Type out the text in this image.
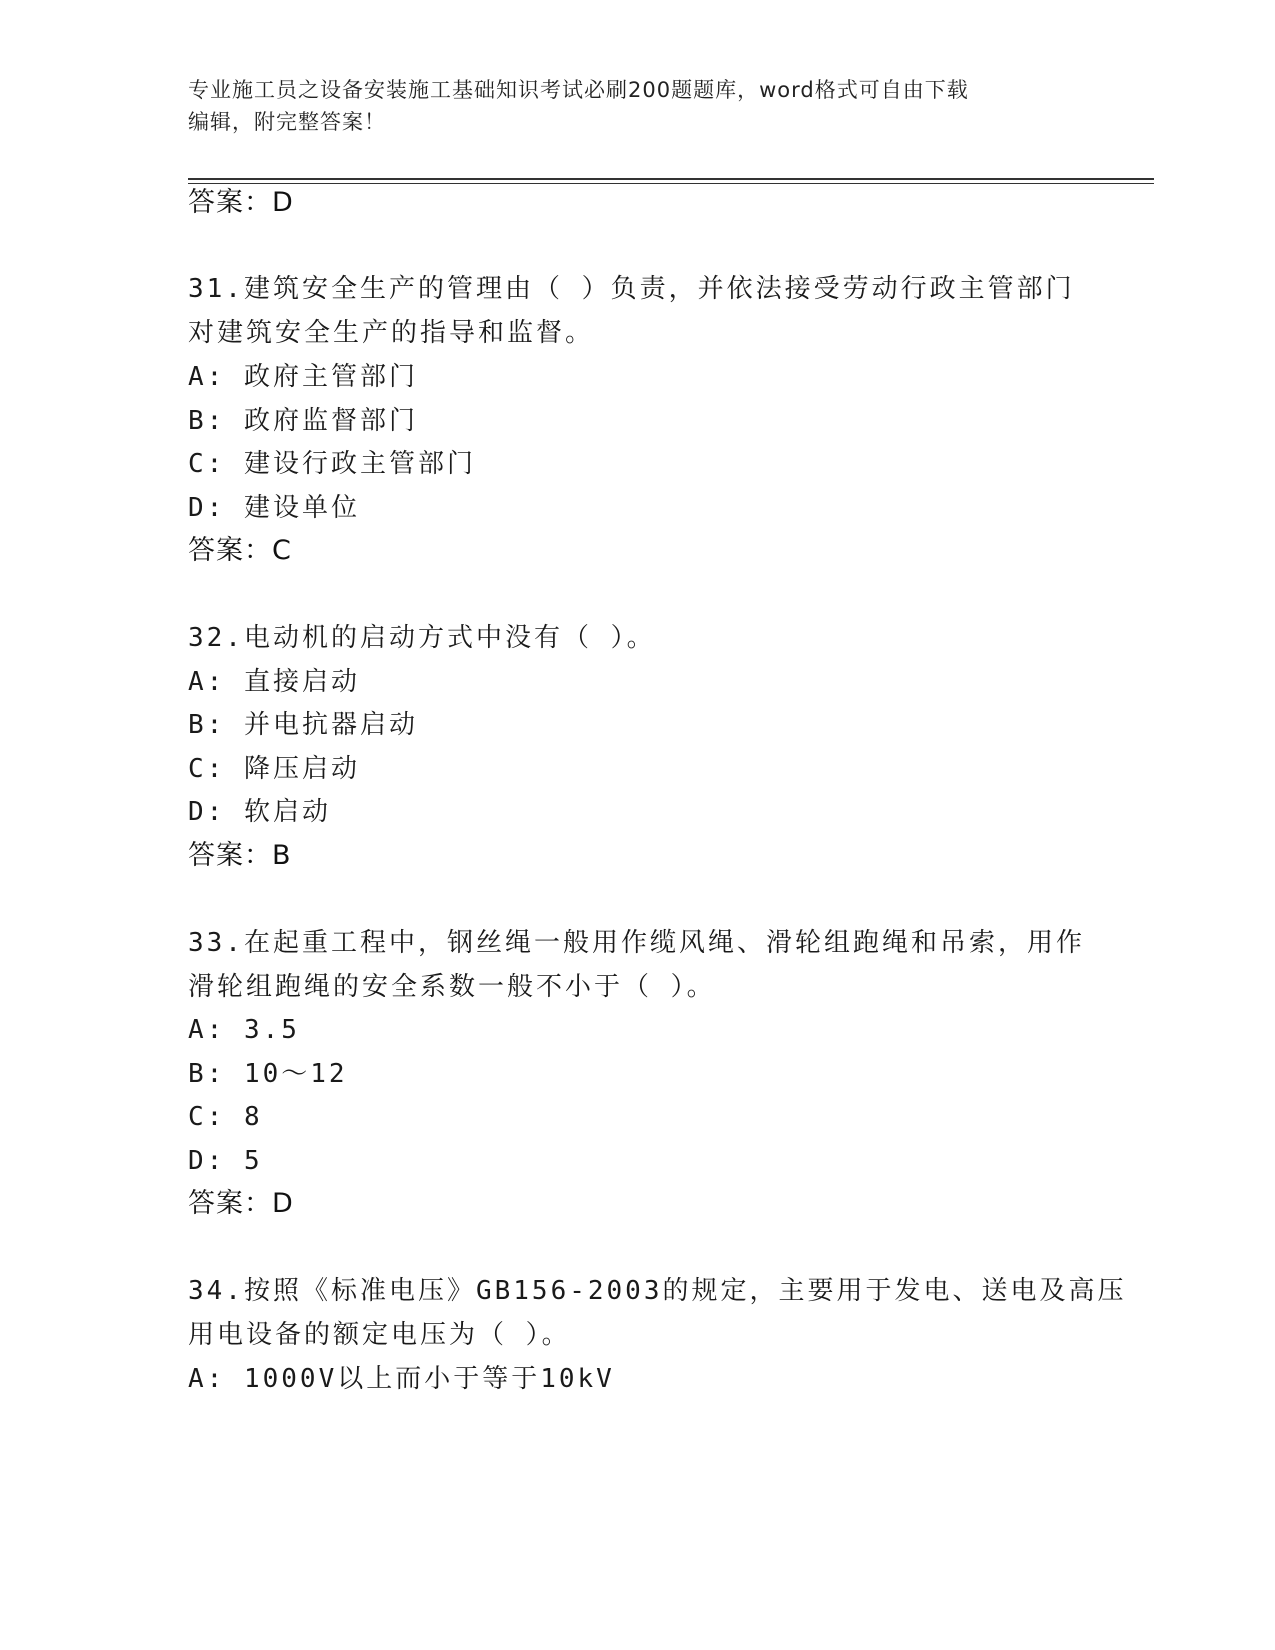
专业施工员之设备安装施工基础知识考试必刷200题题库，word格式可自由下载
编辑，附完整答案！
答案：D
31.建筑安全生产的管理由（ ）负责，并依法接受劳动行政主管部门
对建筑安全生产的指导和监督。
A: 政府主管部门
B: 政府监督部门
C: 建设行政主管部门
D: 建设单位
答案：C
32.电动机的启动方式中没有（ ）。
A: 直接启动
B: 并电抗器启动
C: 降压启动
D: 软启动
答案：B
33.在起重工程中，钢丝绳一般用作缆风绳、滑轮组跑绳和吊索，用作
滑轮组跑绳的安全系数一般不小于（ ）。
A: 3.5
B: 10～12
C: 8
D: 5
答案：D
34.按照《标准电压》GB156-2003的规定，主要用于发电、送电及高压
用电设备的额定电压为（ ）。
A: 1000V以上而小于等于10kV
